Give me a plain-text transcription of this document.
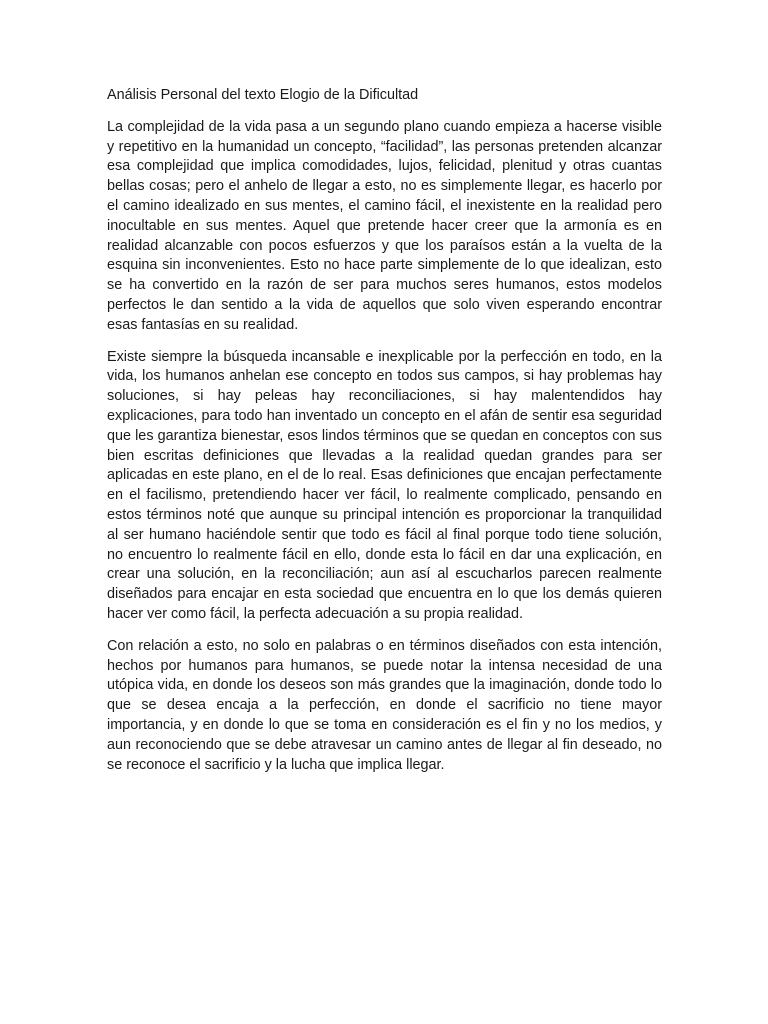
Análisis Personal del texto Elogio de la Dificultad

La complejidad de la vida pasa a un segundo plano cuando empieza a hacerse visible y repetitivo en la humanidad un concepto, “facilidad”, las personas pretenden alcanzar esa complejidad que implica comodidades, lujos, felicidad, plenitud y otras cuantas bellas cosas; pero el anhelo de llegar a esto, no es simplemente llegar, es hacerlo por el camino idealizado en sus mentes, el camino fácil, el inexistente en la realidad pero inocultable en sus mentes. Aquel que pretende hacer creer que la armonía es en realidad alcanzable con pocos esfuerzos y que los paraísos están a la vuelta de la esquina sin inconvenientes. Esto no hace parte simplemente de lo que idealizan, esto se ha convertido en la razón de ser para muchos seres humanos, estos modelos perfectos le dan sentido a la vida de aquellos que solo viven esperando encontrar esas fantasías en su realidad.

Existe siempre la búsqueda incansable e inexplicable por la perfección en todo, en la vida, los humanos anhelan ese concepto en todos sus campos, si hay problemas hay soluciones, si hay peleas hay reconciliaciones, si hay malentendidos hay explicaciones, para todo han inventado un concepto en el afán de sentir esa seguridad que les garantiza bienestar, esos lindos términos que se quedan en conceptos con sus bien escritas definiciones que llevadas a la realidad quedan grandes para ser aplicadas en este plano, en el de lo real. Esas definiciones que encajan perfectamente en el facilismo, pretendiendo hacer ver fácil, lo realmente complicado, pensando en estos términos noté que aunque su principal intención es proporcionar la tranquilidad al ser humano haciéndole sentir que todo es fácil al final porque todo tiene solución, no encuentro lo realmente fácil en ello, donde esta lo fácil en dar una explicación, en crear una solución, en la reconciliación; aun así al escucharlos parecen realmente diseñados para encajar en esta sociedad que encuentra en lo que los demás quieren hacer ver como fácil, la perfecta adecuación a su propia realidad.

Con relación a esto, no solo en palabras o en términos diseñados con esta intención, hechos por humanos para humanos, se puede notar la intensa necesidad de una utópica vida, en donde los deseos son más grandes que la imaginación, donde todo lo que se desea encaja a la perfección, en donde el sacrificio no tiene mayor importancia, y en donde lo que se toma en consideración es el fin y no los medios, y aun reconociendo que se debe atravesar un camino antes de llegar al fin deseado, no se reconoce el sacrificio y la lucha que implica llegar.
